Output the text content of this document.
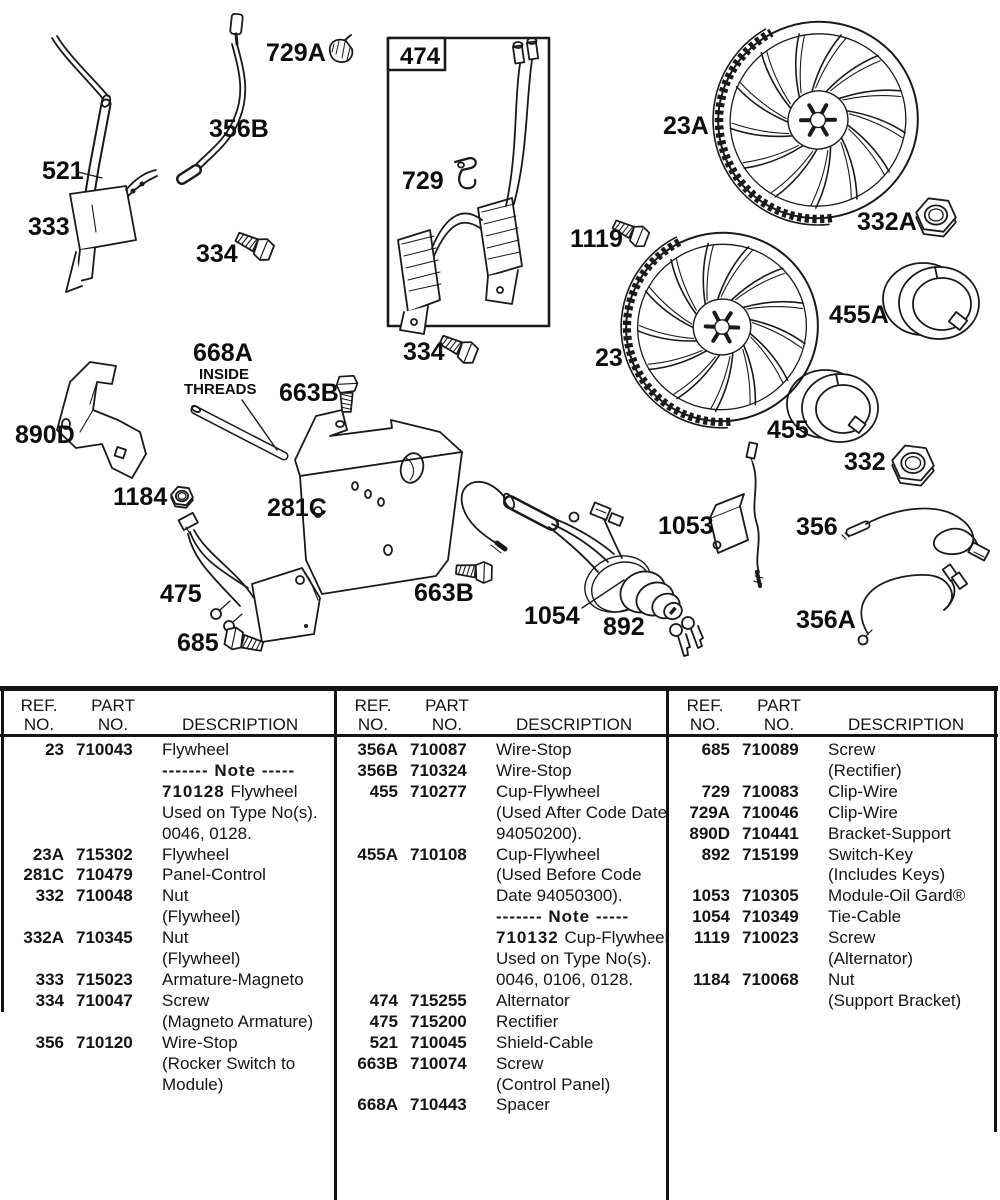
521
333
356B
729A
334
474
729
334
1119
23A
332A
455A
23
455
332
668A
INSIDE
THREADS 663B
890D
1184	281C
1053	356
475	663B
685
1054 892	356A
REF.
NO.
PART
NO.	DESCRIPTION
23 710043	Flywheel
------- Note -----
710128 Flywheel
Used on Type No(s).
0046, 0128.
23A 715302	Flywheel
281C 710479	Panel-Control
332 710048	Nut
(Flywheel)
332A 710345	Nut
(Flywheel)
333 715023	Armature-Magneto
334 710047	Screw
(Magneto Armature)
356 710120	Wire-Stop
(Rocker Switch to
Module)
REF.
NO.
PART
NO.	DESCRIPTION
356A 710087	Wire-Stop
356B 710324	Wire-Stop
455 710277	Cup-Flywheel
(Used After Code Date
94050200).
455A 710108	Cup-Flywheel
(Used Before Code
Date 94050300).
------- Note -----
710132 Cup-Flywheel
Used on Type No(s).
0046, 0106, 0128.
474 715255	Alternator
475 715200	Rectifier
521 710045	Shield-Cable
663B 710074	Screw
(Control Panel)
668A 710443	Spacer
REF.
NO.
PART
NO.	DESCRIPTION
685 710089	Screw
(Rectifier)
729 710083	Clip-Wire
729A 710046	Clip-Wire
890D 710441	Bracket-Support
892 715199	Switch-Key
(Includes Keys)
1053 710305	Module-Oil Gard®
1054 710349	Tie-Cable
1119 710023	Screw
(Alternator)
1184 710068	Nut
(Support Bracket)
